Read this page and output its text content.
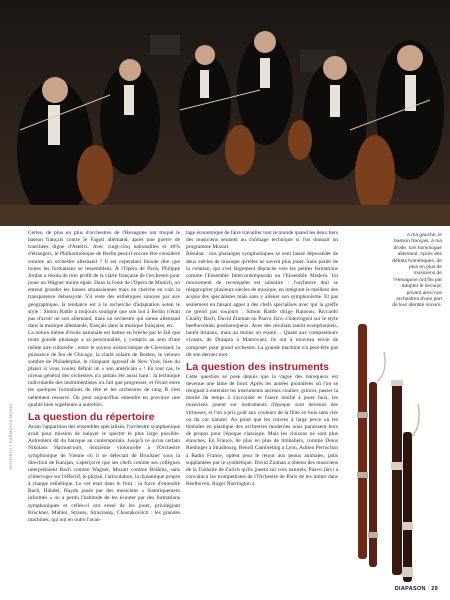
SCOFIELD / HARMONIA MUNDI

Certes, de plus en plus d'orchestres de l'Hexagone ont troqué le basson français contre le Fagott allemand, après une guerre de tranchées digne d'Astérix. Avec vingt-cinq nationalités et 46% d'étrangers, le Philharmonique de Berlin peut-il encore être considéré comme un orchestre allemand ? Il est cependant fauxde dire que toutes les formations se ressemblent. À l'Opéra de Paris, Philippe Jordan a résolu de tirer profit de la clarté française de l'orchestre pour jouer un Wagner moins épais. Dans la fosse de l'Opéra de Munich, on entend gronder les basses straussiennes mais on cherche en vain la transparence debussyste. S'il reste des esthétiques sonores par aire géographique, la tendance est à la recherche d'adaptation selon le style : Simon Rattle a toujours souligné que son but à Berlin n'était pas d'avoir un son allemand, mais un orchestre qui sonne allemand dans la musique allemande, français dans la musique française, etc.

La notion même d'école nationale est battue en brèche par le fait que toute grande phalange a sa personnalité, y compris au sein d'une même aire culturelle : entre le soyeux aristocratique de Cleveland, la puissance de feu de Chicago, la clarté solaire de Boston, le velours sombre de Philadelphie, le clinquant agressif de New York, bien du plaisir si vous voulez définir un « son américain » ! En tout cas, le niveau général des orchestres n'a jamais été aussi haut : la technique individuelle des instrumentistes n'a fait que progresser, et l'écart entre les quelques formations de tête et les orchestres de rang B s'est nettement resserré. On peut aujourd'hui entendre en province une qualité bien supérieure à autrefois.

La question du répertoire

Avant l'apparition des ensembles spécialisés, l'orchestre symphonique avait pour mission de balayer le spectre le plus large possible. Autrement dit du baroque au contemporain. Jusqu'à ce qu'un certain Nikolaus Harnoncourt, douzième violoncelle à l'Orchestre symphonique de Vienne où il se délectait de Bruckner sous la direction de Karajan, s'aperçoive que ses chefs comme ses collègues interprétaient Bach comme Wagner, Mozart comme Brahms, sans s'interroger sur l'effectif, le phrasé, l'articulation, la dynamique propre à chaque esthétique. Le ver était dans le fruit : la force d'entendre Bach, Händel, Haydn joués par des musiciens « historiquement informés » on a perdu l'habitude de les écouter par des formations symphoniques et celles-ci ont cessé de les jouer, privilégiant Bruckner, Mahler, Strauss, Stravinsky, Chostakovitch : les grandes machines, qui ont en outre l'avan-

tage économique de faire travailler tout le monde quand les deux tiers des musiciens seraient au chômage technique si l'on donnait un programme Mozart.

Résultat : nos phalanges symphoniques se sont laissé déposséder de deux siècles de musique qu'elles ne savent plus jouer. Sans parler de la création, qui s'est largement déplacée vers les petites formations comme l'Ensemble Intercontemporain ou l'Ensemble Modern. Un mouvement de reconquête est salutaire : l'orchestre doit se réapproprier plusieurs siècles de musique, en intégrant le meilleur des acquis des spécialistes mais sans y aliéner son symphonisme. Et pas seulement en faisant appel à des chefs spécialisés avec qui la greffe ne prend pas toujours : Simon Rattle dirige Rameau, Riccardo Chailly Bach, David Zinman ou Paavo Järvi s'interrogent sur le style beethovénien postbaroqueux. Avec des résultats tantôt exceptionnels, tantôt brutaux, mais au moins on essaie… Quant aux compositeurs vivants, de Dusapin à Mantovani, ils ont à nouveau envie de composer pour grand orchestre. La grande machine n'a peut-être pas dit son dernier mot.

La question des instruments

Cette question se pose depuis que la vague des baroqueux est devenue une lame de fond. Après les années pionnières où l'on se résignait à entendre les instruments anciens couiner, grincer, passer la moitié du temps à s'accorder et l'autre moitié à jouer faux, les musiciens jouent sur instruments d'époque sont devenus des virtuoses, et l'on a pris goût aux couleurs de la flûte en bois sans clés ou du cor naturel. Au point que les cuivres à large perce ou les timbales en plastique des orchestres modernes nous paraissent hors de propos pour l'époque classique. Mais les cloisons ne sont plus étanches. En France, de plus en plus de timbaliers, comme Denis Riedinger à Strasbourg, Benoît Cambreling à Lyon, Adrien Perruchon à Radio France, optent pour le retour aux peaux animales, jadis supplantées par le synthétique. David Zinman a obtenu des musiciens de la Tonhalle de Zurich qu'ils jouent sur cors naturels, Paavo Järvi a convaincu les trompettistes de l'Orchestre de Paris de les imiter dans Beethoven, Roger Norrington a

A ma gauche, le basson français, à ma droite, son homologue allemand. Après des débats homériques, de plus en plus de musiciens de l'Hexagone ont fini par adopter le second, privant ainsi nos orchestres d'une part de leur identité sonore.
DIAPASON : 29
